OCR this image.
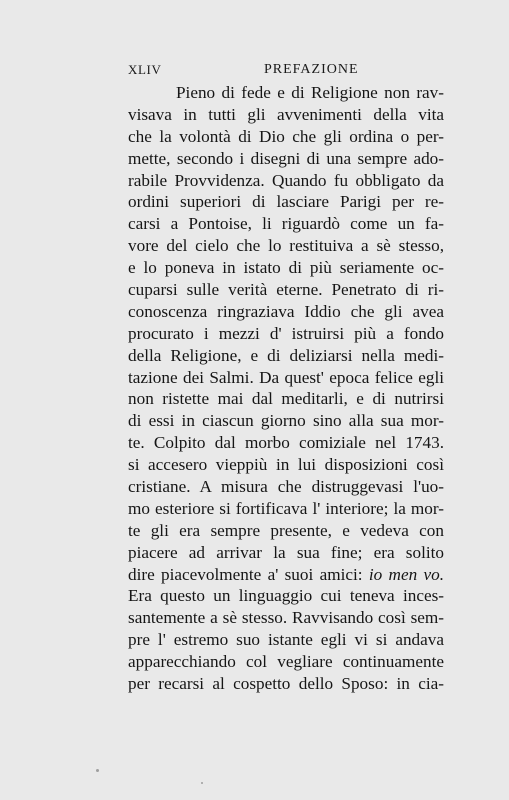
XLIV	PREFAZIONE
Pieno di fede e di Religione non rav-
visava in tutti gli avvenimenti della vita
che la volontà di Dio che gli ordina o per-
mette, secondo i disegni di una sempre ado-
rabile Provvidenza. Quando fu obbligato da
ordini superiori di lasciare Parigi per re-
carsi a Pontoise, li riguardò come un fa-
vore del cielo che lo restituiva a sè stesso,
e lo poneva in istato di più seriamente oc-
cuparsi sulle verità eterne. Penetrato di ri-
conoscenza ringraziava Iddio che gli avea
procurato i mezzi d' istruirsi più a fondo
della Religione, e di deliziarsi nella medi-
tazione dei Salmi. Da quest' epoca felice egli
non ristette mai dal meditarli, e di nutrirsi
di essi in ciascun giorno sino alla sua mor-
te. Colpito dal morbo comiziale nel 1743.
si accesero vieppiù in lui disposizioni così
cristiane. A misura che distruggevasi l'uo-
mo esteriore si fortificava l' interiore; la mor-
te gli era sempre presente, e vedeva con
piacere ad arrivar la sua fine; era solito
dire piacevolmente a' suoi amici: io men vo.
Era questo un linguaggio cui teneva inces-
santemente a sè stesso. Ravvisando così sem-
pre l' estremo suo istante egli vi si andava
apparecchiando col vegliare continuamente
per recarsi al cospetto dello Sposo: in cia-
